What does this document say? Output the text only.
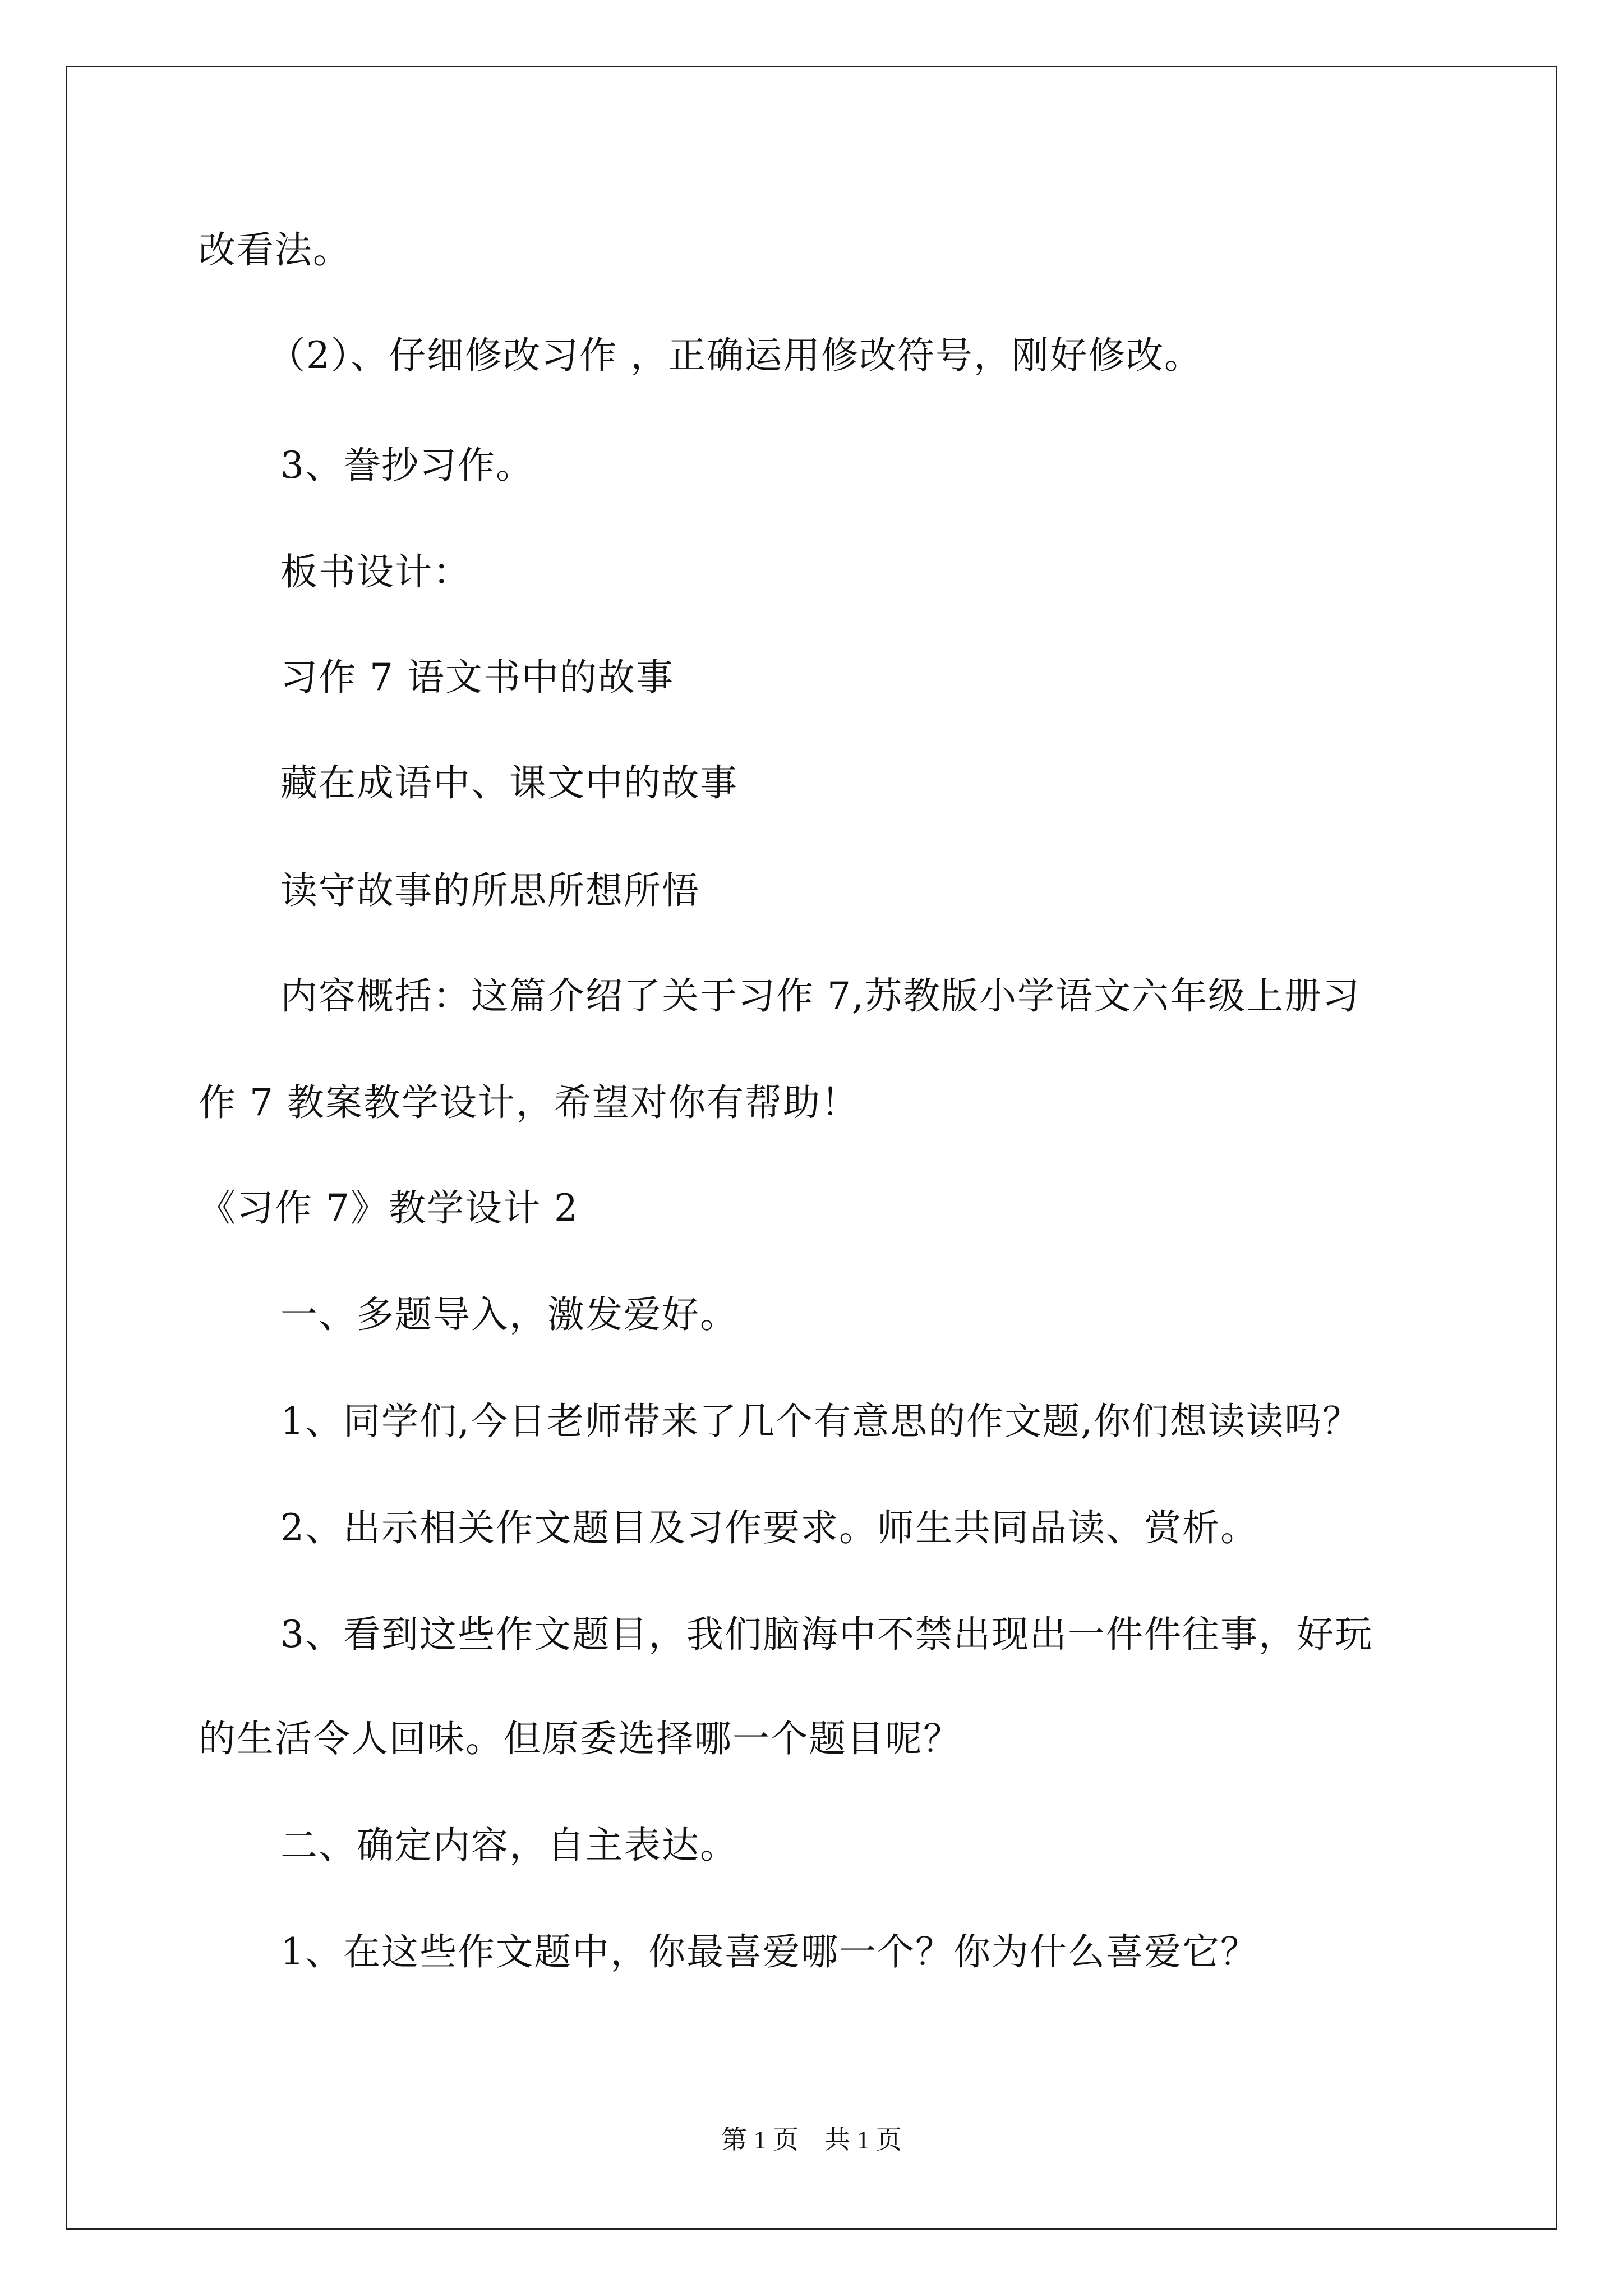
改看法。
（2）、仔细修改习作 ，正确运用修改符号，刚好修改。
3、誊抄习作。
板书设计：
习作 7 语文书中的故事
藏在成语中、课文中的故事
读守故事的所思所想所悟
内容概括：这篇介绍了关于习作 7,苏教版小学语文六年级上册习
作 7 教案教学设计，希望对你有帮助！
《习作 7》教学设计 2
一、多题导入，激发爱好。
1、同学们,今日老师带来了几个有意思的作文题,你们想读读吗？
2、出示相关作文题目及习作要求。师生共同品读、赏析。
3、看到这些作文题目，我们脑海中不禁出现出一件件往事，好玩
的生活令人回味。但原委选择哪一个题目呢？
二、确定内容，自主表达。
1、在这些作文题中，你最喜爱哪一个？你为什么喜爱它？
第 1 页　共 1 页
